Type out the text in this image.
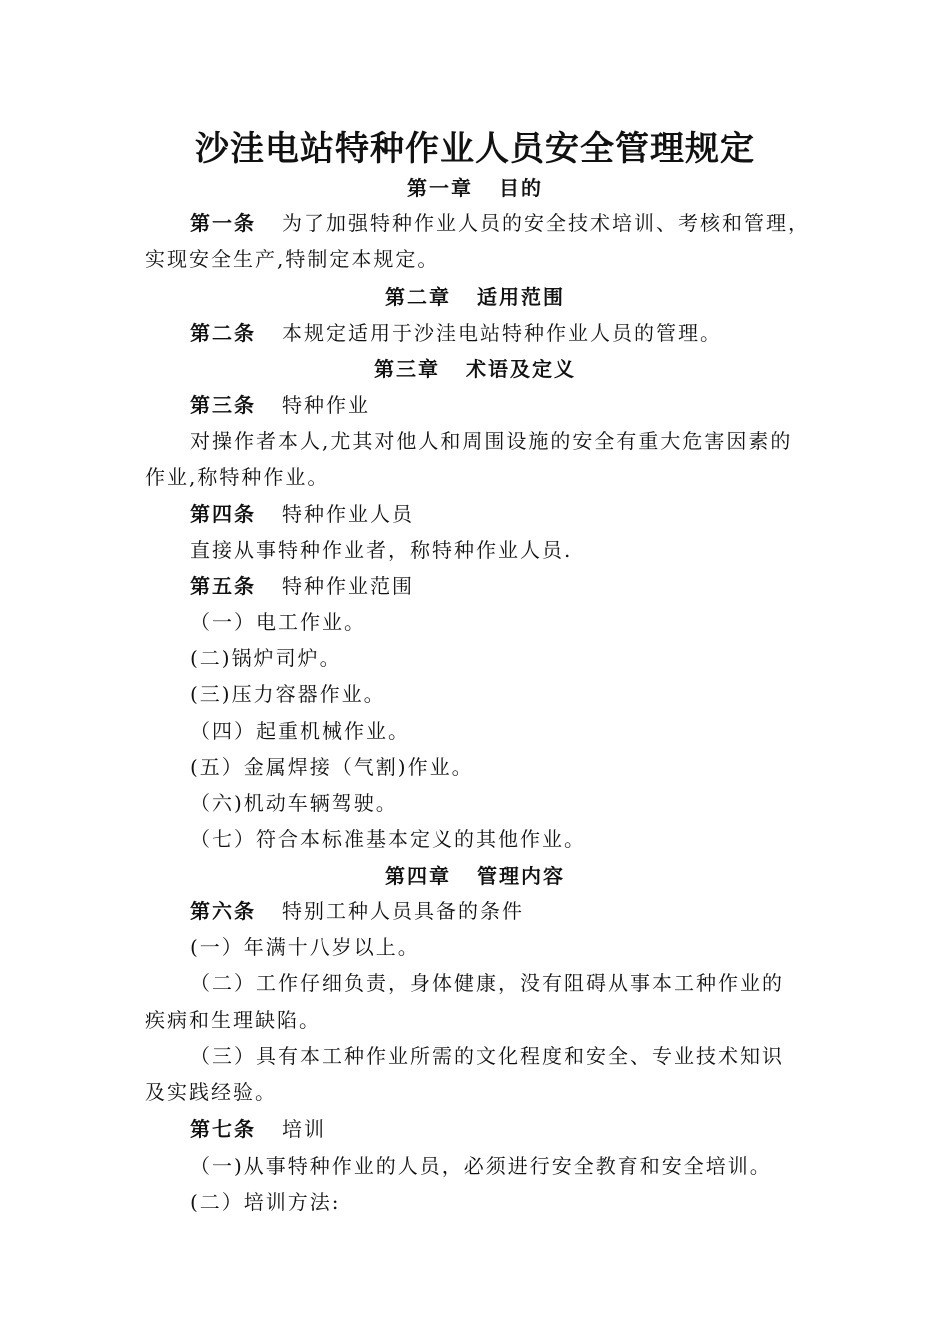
沙洼电站特种作业人员安全管理规定
第一章 目的
第一条 为了加强特种作业人员的安全技术培训、考核和管理，
实现安全生产,特制定本规定。
第二章 适用范围
第二条 本规定适用于沙洼电站特种作业人员的管理。
第三章 术语及定义
第三条 特种作业
对操作者本人,尤其对他人和周围设施的安全有重大危害因素的
作业,称特种作业。
第四条 特种作业人员
直接从事特种作业者，称特种作业人员.
第五条 特种作业范围
（一）电工作业。
(二)锅炉司炉。
(三)压力容器作业。
（四）起重机械作业。
(五）金属焊接（气割)作业。
（六)机动车辆驾驶。
（七）符合本标准基本定义的其他作业。
第四章 管理内容
第六条 特别工种人员具备的条件
(一）年满十八岁以上。
（二）工作仔细负责，身体健康，没有阻碍从事本工种作业的
疾病和生理缺陷。
（三）具有本工种作业所需的文化程度和安全、专业技术知识
及实践经验。
第七条 培训
（一)从事特种作业的人员，必须进行安全教育和安全培训。
(二）培训方法:
